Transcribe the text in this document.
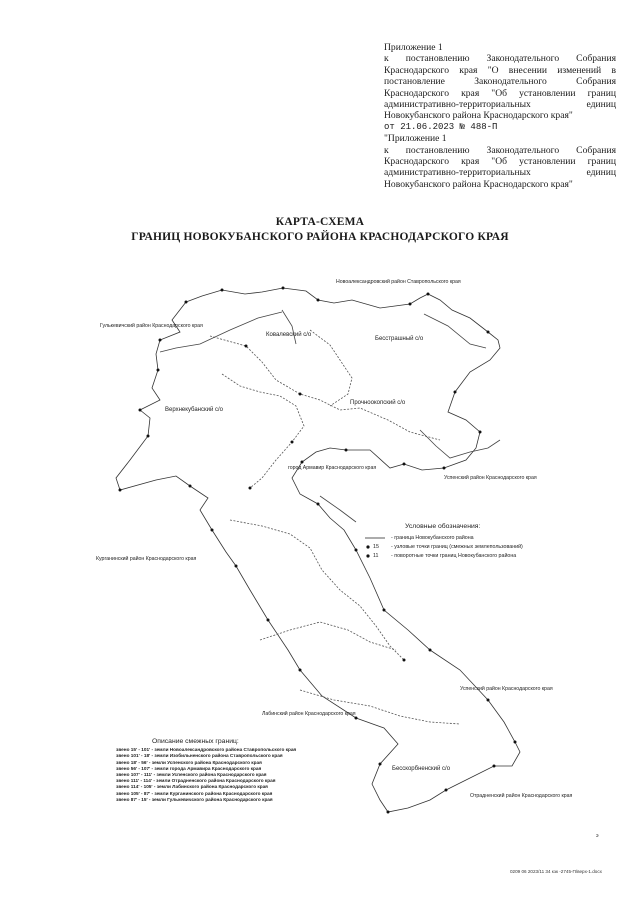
Приложение 1
к постановлению Законодательного Собрания Краснодарского края "О внесении изменений в постановление Законодательного Собрания Краснодарского края "Об установлении границ административно-территориальных единиц Новокубанского района Краснодарского края"
от 21.06.2023 № 488-П
"Приложение 1
к постановлению Законодательного Собрания Краснодарского края "Об установлении границ административно-территориальных единиц Новокубанского района Краснодарского края"
КАРТА-СХЕМА
ГРАНИЦ НОВОКУБАНСКОГО РАЙОНА КРАСНОДАРСКОГО КРАЯ
Новоалександровский район Ставропольского края
Гулькевичский район Краснодарского края
Ковалевский с/о
Прочноокопский с/о
Бесстрашный с/о
Верхнекубанский с/о
город Армавир Краснодарского края
Успенский район Краснодарского края
Курганинский район Краснодарского края
Успенский район Краснодарского края
Лабинский район Краснодарского края
Отрадненский район Краснодарского края
Бесскорбненский с/о
Условные обозначения:
- граница Новокубанского района
15 - узловые точки границ (смежных землепользований)
11 - поворотные точки границ Новокубанского района
Описание смежных границ:
звено 15' - 101' - земли Новоалександровского района Ставропольского края
звено 101' - 18' - земли Изобильненского района Ставропольского края
звено 18' - 56' - земли Успенского района Краснодарского края
звено 56' - 107' - земли города Армавира Краснодарского края
звено 107' - 111' - земли Успенского района Краснодарского края
звено 111' - 114' - земли Отрадненского района Краснодарского края
звено 114' - 105' - земли Лабинского района Краснодарского края
звено 105' - 87' - земли Курганинского района Краснодарского края
звено 87' - 15' - земли Гулькевичского района Краснодарского края
э
0209 06 2023/11 34 кзк -2745-П/верх-1.docx
